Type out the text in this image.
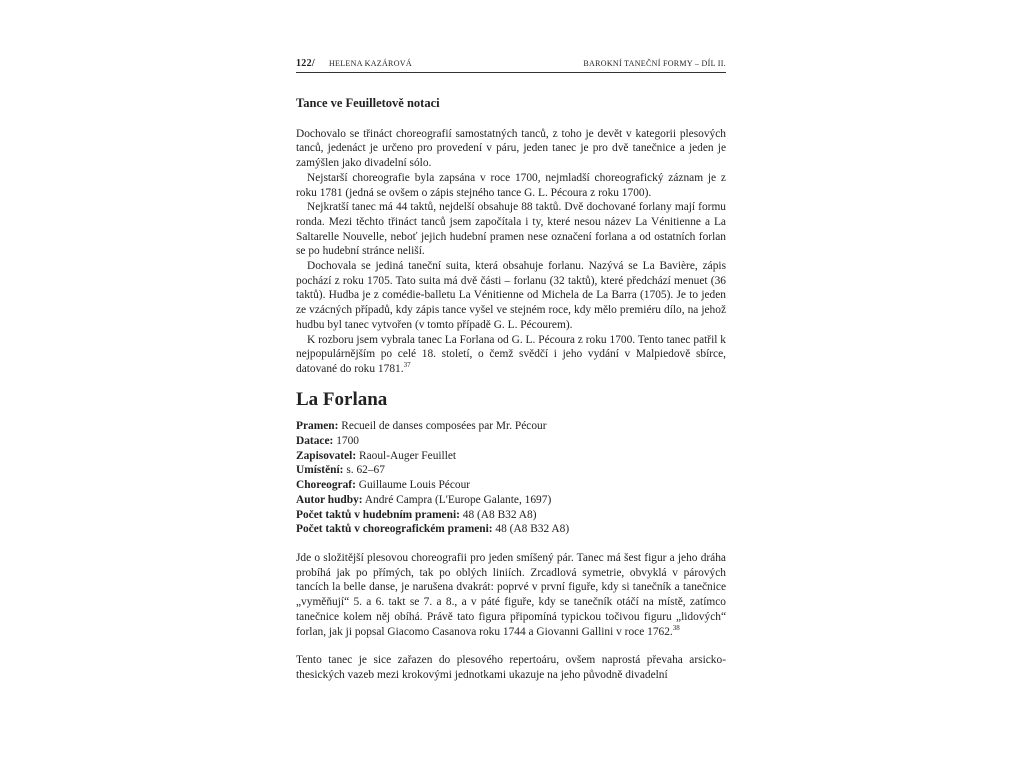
122/ HELENA KAZÁROVÁ	BAROKNÍ TANEČNÍ FORMY – DÍL II.
Tance ve Feuilletově notaci

Dochovalo se třináct choreografií samostatných tanců, z toho je devět v kategorii plesových tanců, jedenáct je určeno pro provedení v páru, jeden tanec je pro dvě tanečnice a jeden je zamýšlen jako divadelní sólo.

Nejstarší choreografie byla zapsána v roce 1700, nejmladší choreografický záznam je z roku 1781 (jedná se ovšem o zápis stejného tance G. L. Pécoura z roku 1700).

Nejkratší tanec má 44 taktů, nejdelší obsahuje 88 taktů. Dvě dochované forlany mají formu ronda. Mezi těchto třináct tanců jsem započítala i ty, které nesou název La Vénitienne a La Saltarelle Nouvelle, neboť jejich hudební pramen nese označení forlana a od ostatních forlan se po hudební stránce neliší.

Dochovala se jediná taneční suita, která obsahuje forlanu. Nazývá se La Bavière, zápis pochází z roku 1705. Tato suita má dvě části – forlanu (32 taktů), které předchází menuet (36 taktů). Hudba je z comédie-balletu La Vénitienne od Michela de La Barra (1705). Je to jeden ze vzácných případů, kdy zápis tance vyšel ve stejném roce, kdy mělo premiéru dílo, na jehož hudbu byl tanec vytvořen (v tomto případě G. L. Pécourem).

K rozboru jsem vybrala tanec La Forlana od G. L. Pécoura z roku 1700. Tento tanec patřil k nejpopulárnějším po celé 18. století, o čemž svědčí i jeho vydání v Malpiedově sbírce, datované do roku 1781.37

La Forlana
Pramen: Recueil de danses composées par Mr. Pécour
Datace: 1700
Zapisovatel: Raoul-Auger Feuillet
Umístění: s. 62–67
Choreograf: Guillaume Louis Pécour
Autor hudby: André Campra (L'Europe Galante, 1697)
Počet taktů v hudebním prameni: 48 (A8 B32 A8)
Počet taktů v choreografickém prameni: 48 (A8 B32 A8)

Jde o složitější plesovou choreografii pro jeden smíšený pár. Tanec má šest figur a jeho dráha probíhá jak po přímých, tak po oblých liniích. Zrcadlová symetrie, obvyklá v párových tancích la belle danse, je narušena dvakrát: poprvé v první figuře, kdy si tanečník a tanečnice „vyměňují“ 5. a 6. takt se 7. a 8., a v páté figuře, kdy se tanečník otáčí na místě, zatímco tanečnice kolem něj obíhá. Právě tato figura připomíná typickou točivou figuru „lidových“ forlan, jak ji popsal Giacomo Casanova roku 1744 a Giovanni Gallini v roce 1762.38

Tento tanec je sice zařazen do plesového repertoáru, ovšem naprostá převaha arsicko-thesických vazeb mezi krokovými jednotkami ukazuje na jeho původně divadelní
